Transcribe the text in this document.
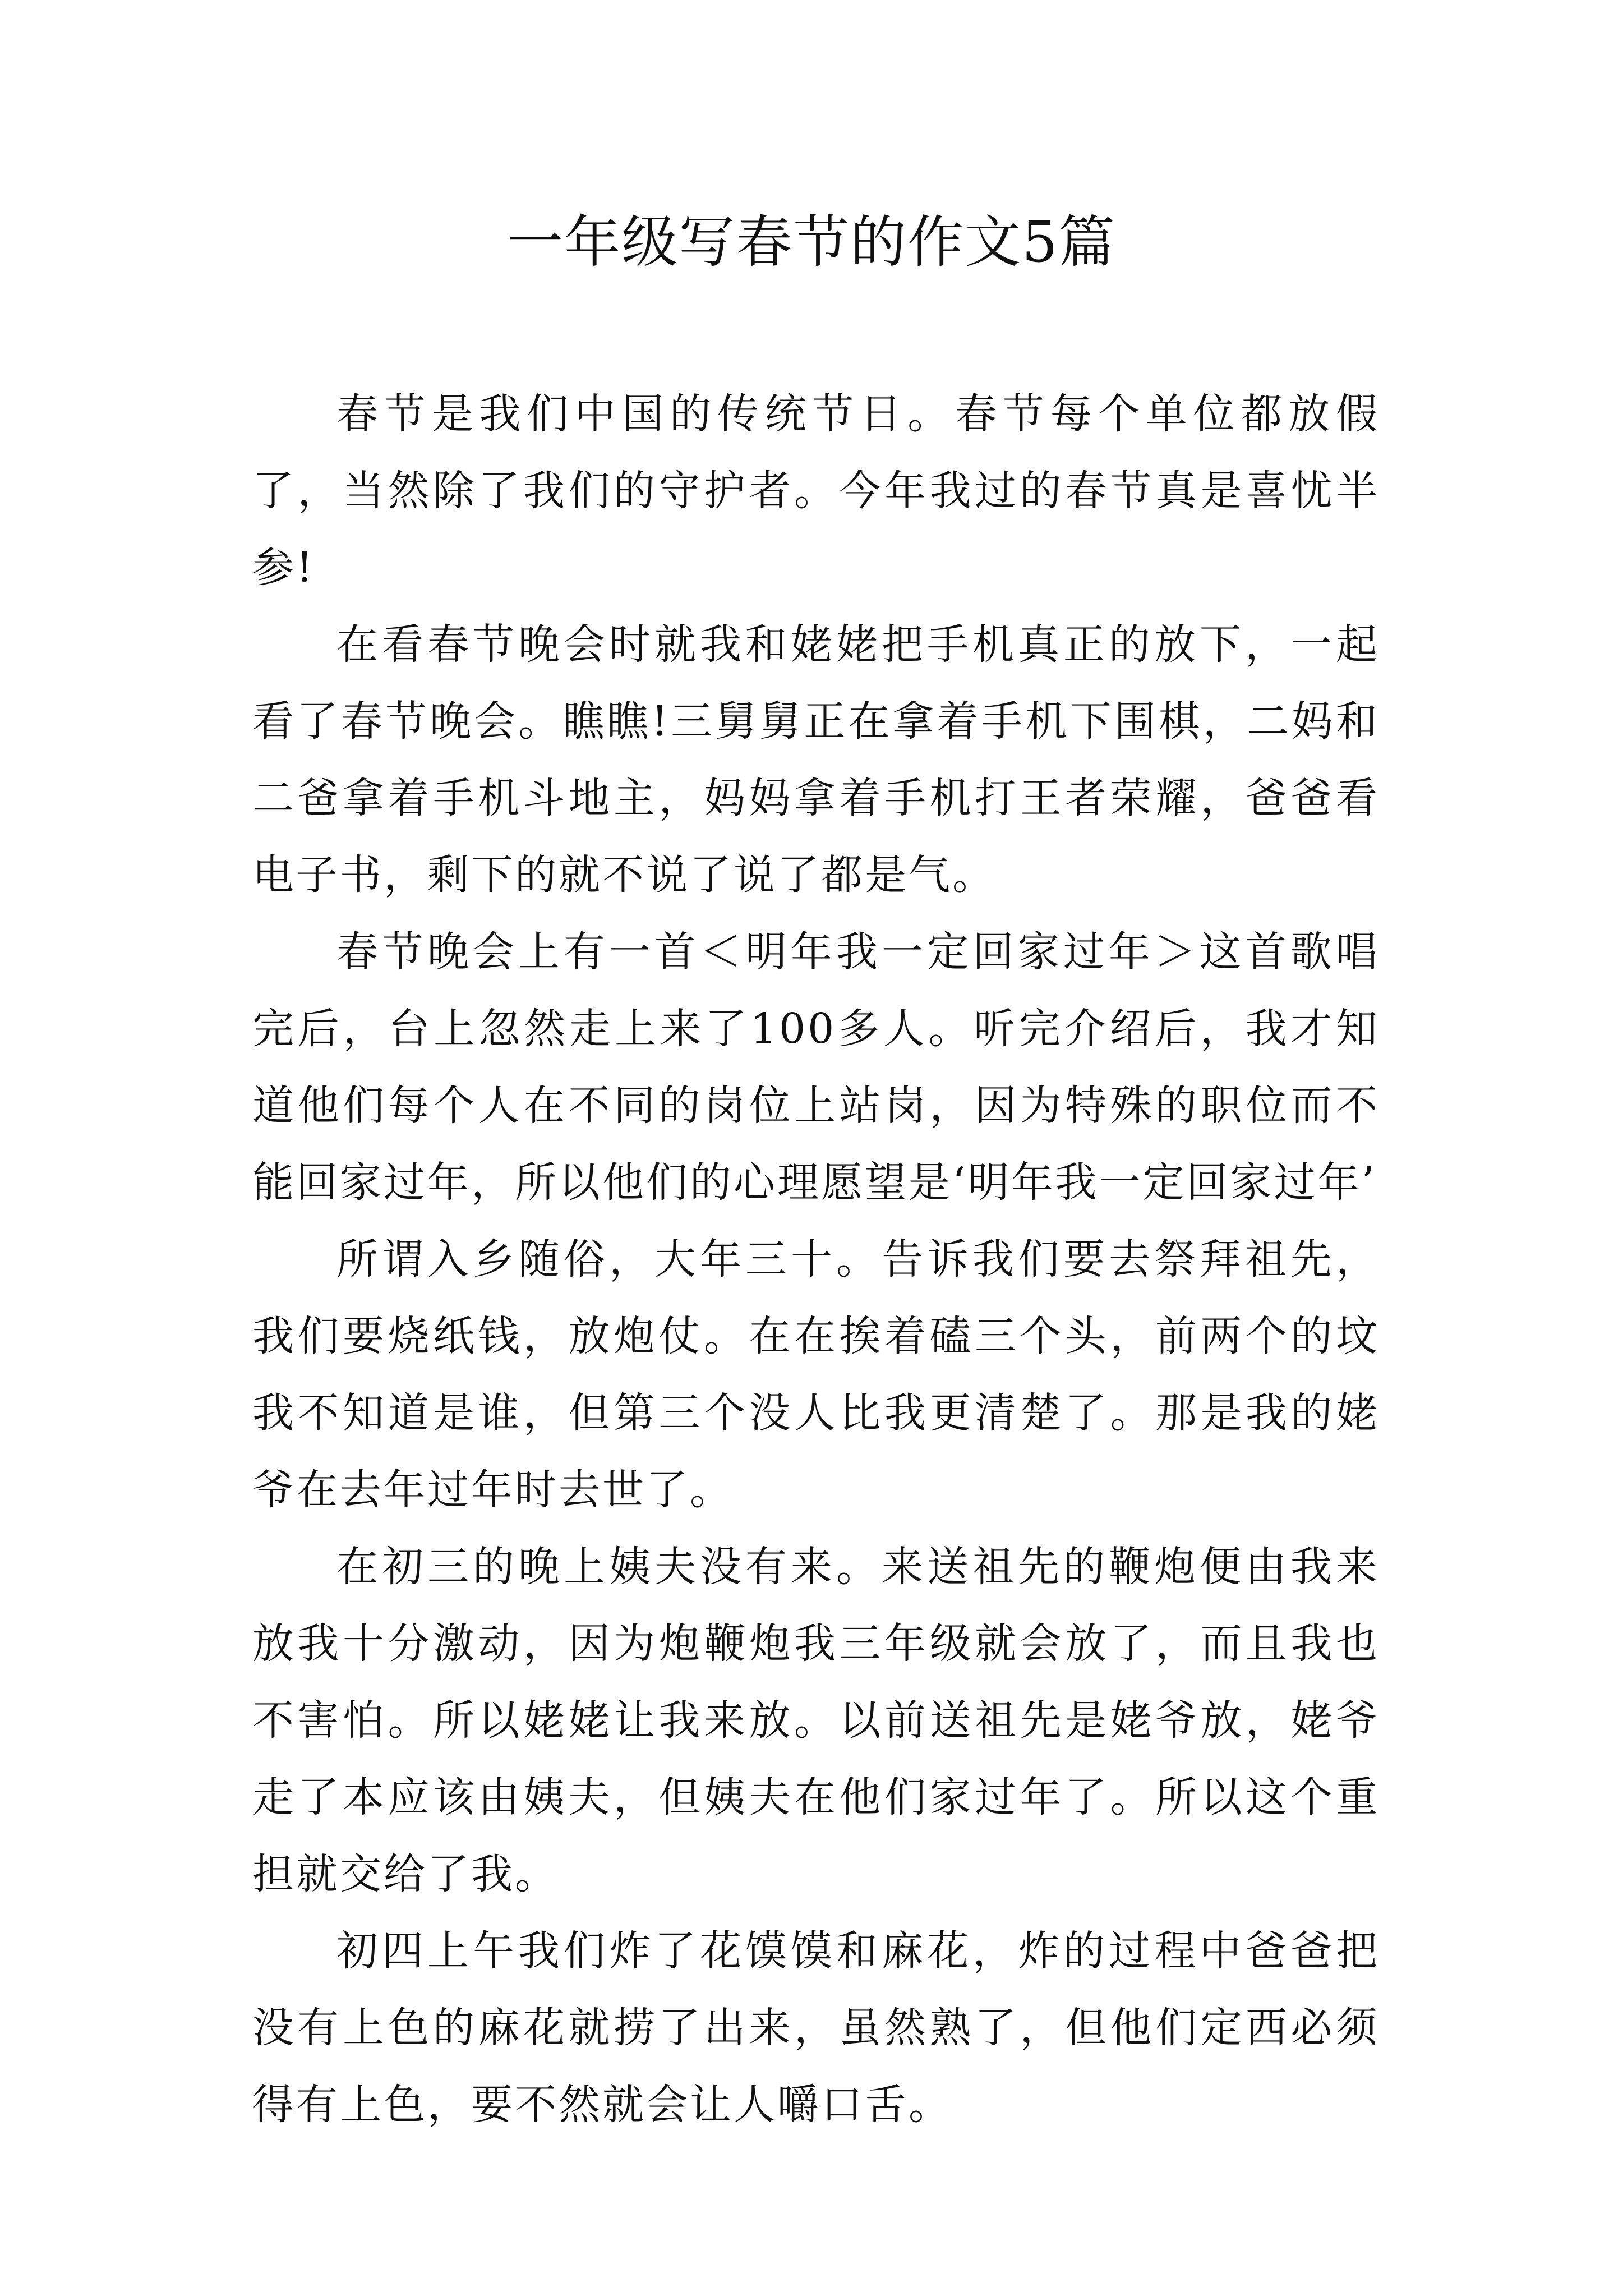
一年级写春节的作文5篇

春节是我们中国的传统节日。春节每个单位都放假了，当然除了我们的守护者。今年我过的春节真是喜忧半参!

在看春节晚会时就我和姥姥把手机真正的放下，一起看了春节晚会。瞧瞧!三舅舅正在拿着手机下围棋，二妈和二爸拿着手机斗地主，妈妈拿着手机打王者荣耀，爸爸看电子书，剩下的就不说了说了都是气。

春节晚会上有一首＜明年我一定回家过年＞这首歌唱完后，台上忽然走上来了100多人。听完介绍后，我才知道他们每个人在不同的岗位上站岗，因为特殊的职位而不能回家过年，所以他们的心理愿望是‘明年我一定回家过年’

所谓入乡随俗，大年三十。告诉我们要去祭拜祖先，我们要烧纸钱，放炮仗。在在挨着磕三个头，前两个的坟我不知道是谁，但第三个没人比我更清楚了。那是我的姥爷在去年过年时去世了。

在初三的晚上姨夫没有来。来送祖先的鞭炮便由我来放我十分激动，因为炮鞭炮我三年级就会放了，而且我也不害怕。所以姥姥让我来放。以前送祖先是姥爷放，姥爷走了本应该由姨夫，但姨夫在他们家过年了。所以这个重担就交给了我。

初四上午我们炸了花馍馍和麻花，炸的过程中爸爸把没有上色的麻花就捞了出来，虽然熟了，但他们定西必须得有上色，要不然就会让人嚼口舌。
